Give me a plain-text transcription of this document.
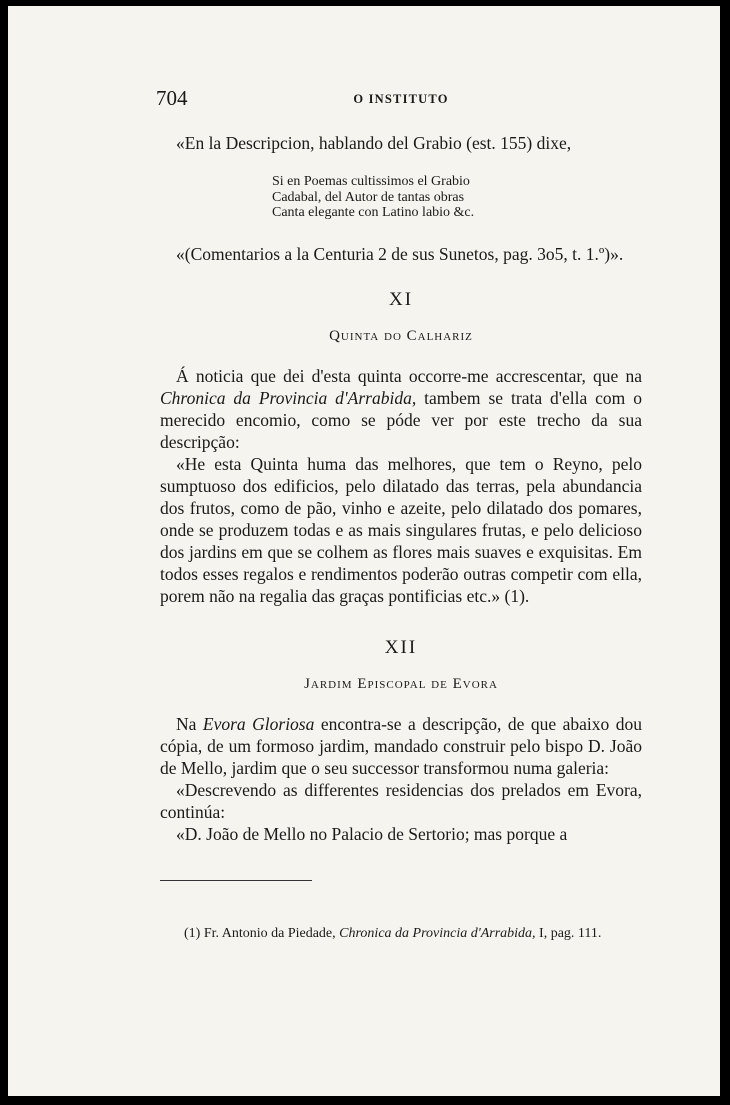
704	O INSTITUTO

«En la Descripcion, hablando del Grabio (est. 155) dixe,

Si en Poemas cultissimos el Grabio
Cadabal, del Autor de tantas obras
Canta elegante con Latino labio &c.

«(Comentarios a la Centuria 2 de sus Sunetos, pag. 3o5, t. 1.º)».

XI
Quinta do Calhariz

Á noticia que dei d'esta quinta occorre-me accrescentar, que na Chronica da Provincia d'Arrabida, tambem se trata d'ella com o merecido encomio, como se póde ver por este trecho da sua descripção:

«He esta Quinta huma das melhores, que tem o Reyno, pelo sumptuoso dos edificios, pelo dilatado das terras, pela abundancia dos frutos, como de pão, vinho e azeite, pelo dilatado dos pomares, onde se produzem todas e as mais singulares frutas, e pelo delicioso dos jardins em que se colhem as flores mais suaves e exquisitas. Em todos esses regalos e rendimentos poderão outras competir com ella, porem não na regalia das graças pontificias etc.» (1).

XII
Jardim Episcopal de Evora

Na Evora Gloriosa encontra-se a descripção, de que abaixo dou cópia, de um formoso jardim, mandado construir pelo bispo D. João de Mello, jardim que o seu successor transformou numa galeria:

«Descrevendo as differentes residencias dos prelados em Evora, continúa:

«D. João de Mello no Palacio de Sertorio; mas porque a

(1) Fr. Antonio da Piedade, Chronica da Provincia d'Arrabida, I, pag. 111.
